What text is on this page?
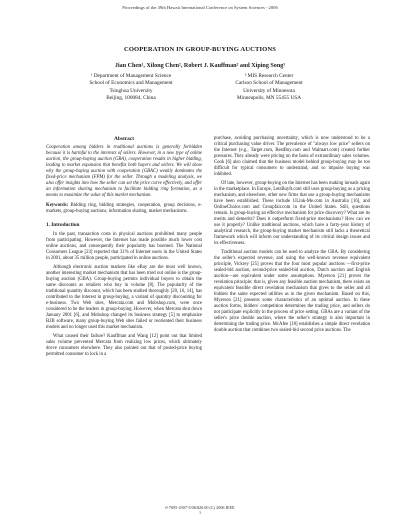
Proceedings of the 39th Hawaii International Conference on System Sciences - 2006
COOPERATION IN GROUP-BUYING AUCTIONS
Jian Chen¹, Xilong Chen², Robert J. Kauffman² and Xiping Song¹
¹ Department of Management Science
School of Economics and Management
Tsinghua University
Beijing, 100084, China
² MIS Research Center
Carlson School of Management
University of Minnesota
Minneapolis, MN 55455 USA
Abstract
Cooperation among bidders in traditional auctions is generally forbidden because it is harmful to the interests of sellers. However, in a new type of online auction, the group-buying auction (GBA), cooperation results in higher bidding, leading to market expansion that benefits both buyers and sellers. We will show why the group-buying auction with cooperation (GBAC) weakly dominates the fixed-price mechanism (FPM) for the seller. Through a modeling analysis, we also offer insights into how the seller can set the price curve effectively, and offer an information sharing mechanism to facilitate bidding ring formation, as a means to maximize the value of this market mechanism.
Keywords: Bidding ring, bidding strategies, cooperation, group decisions, e-markets, group-buying auctions, information sharing, market mechanisms.
1. Introduction

In the past, transaction costs in physical auctions prohibited many people from participating. However, the Internet has made possible much lower cost online auctions, and consequently their popularity has boomed. The National Consumers League [23] reported that 31% of Internet users in the United States in 2001, about 35 million people, participated in online auctions.

Although electronic auction markets like eBay are the most well known, another interesting market mechanism that has been tried out online is the group-buying auction (GBA). Group-buying permits individual buyers to obtain the same discounts as retailers who buy in volume [8]. The popularity of the traditional quantity discount, which has been studied thoroughly [20, 16, 14], has contributed to the interest in group-buying, a variant of quantity discounting for e-business. Two Web sites, Mercata.com and Mobshop.com, were once considered to be the leaders in group-buying. However, when Mercata shut down January 2001 [6], and Mobshop changed its business strategy [5] to emphasize B2B software, many group-buying Web sites failed or reoriented their business models and no longer used this market mechanism.

What caused their failure? Kauffman and Wang [12] point out that limited sales volume prevented Mercata from realizing low prices, which ultimately drove consumers elsewhere. They also pointed out that of posted-price buying permitted consumer to lock in a

purchase, avoiding purchasing uncertainty, which is now understood to be a critical purchasing value driver. The prevalence of "always low price" sellers on the Internet (e.g., Target.com, BestBuy.com and Walmart.com) created further pressures. They already were pricing on the basis of extraordinary sales volumes. Cook [6] also claimed that the business model behind group-buying may be too difficult for typical consumers to understand, and so impulse buying was inhibited.

Of late, however, group-buying on the Internet has been making inroads again in the marketplace. In Europe, LetsBuyIt.com still uses group-buying as a pricing mechanism, and elsewhere, other new firms that use a group-buying mechanisms have been established. These include ULink-Me.com in Australia [16], and OnlineChoice.com and Groupfair.com in the United States. Still, questions remain. Is group-buying an effective mechanism for price discovery? What are its merits and demerits? Does it outperform fixed-price mechanisms? How can we use it properly? Unlike traditional auctions, which have a forty-year history of analytical research, the group-buying market mechanism still lacks a theoretical framework which will inform our understanding of its critical design issues and its effectiveness.

Traditional auction models can be used to analyze the GBA. By considering the seller's expected revenue, and using the well-known revenue equivalent principle, Vickrey [25] proves that the four most popular auctions —first-price sealed-bid auction, second-price sealed-bid auction, Dutch auction and English auction—are equivalent under some assumptions. Myerson [21] proves the revelation principle: that is, given any feasible auction mechanism, there exists an equivalent feasible direct revelation mechanism that gives to the seller and all bidders the same expected utilities as in the given mechanism. Based on this, Myerson [21] presents some characteristics of an optimal auction. In these auction forms, bidders' competition determines the trading price, and sellers do not participate explicitly in the process of price setting. GBAs are a variant of the seller's price double auction, where the seller's strategy is also important in determining the trading price. McAfee [18] establishes a simple direct revelation double auction that combines two sealed-bid second price auctions. The

0-7695-2507-5/06/$20.00 (C) 2006 IEEE
1
